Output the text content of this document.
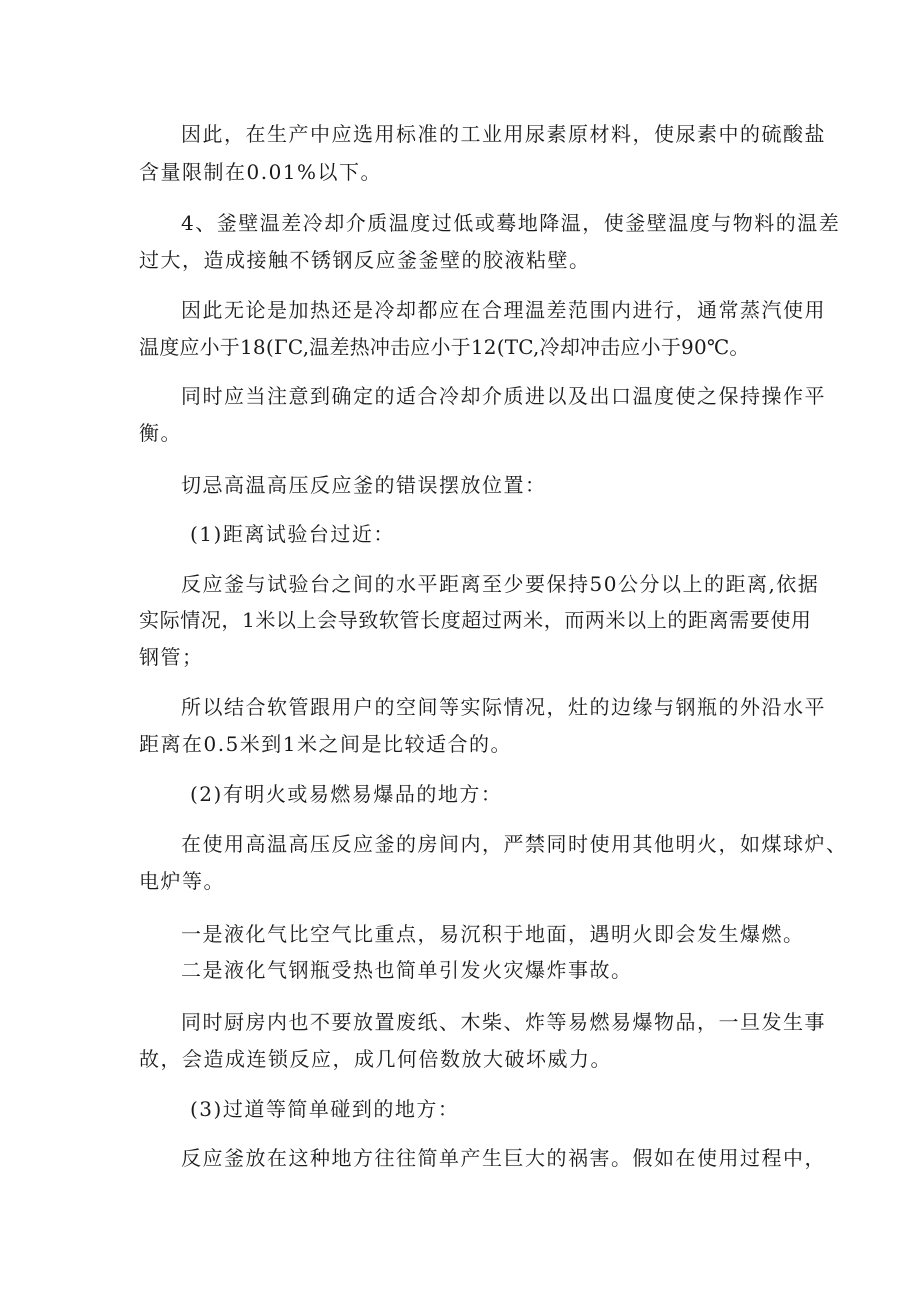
因此，在生产中应选用标准的工业用尿素原材料，使尿素中的硫酸盐
含量限制在0.01%以下。
4、釜壁温差冷却介质温度过低或蓦地降温，使釜壁温度与物料的温差
过大，造成接触不锈钢反应釜釜壁的胶液粘壁。
因此无论是加热还是冷却都应在合理温差范围内进行，通常蒸汽使用
温度应小于18(ΓC,温差热冲击应小于12(TC,冷却冲击应小于90℃。
同时应当注意到确定的适合冷却介质进以及出口温度使之保持操作平
衡。
切忌高温高压反应釜的错误摆放位置：
(1)距离试验台过近：
反应釜与试验台之间的水平距离至少要保持50公分以上的距离,依据
实际情况，1米以上会导致软管长度超过两米，而两米以上的距离需要使用
钢管；
所以结合软管跟用户的空间等实际情况，灶的边缘与钢瓶的外沿水平
距离在0.5米到1米之间是比较适合的。
(2)有明火或易燃易爆品的地方：
在使用高温高压反应釜的房间内，严禁同时使用其他明火，如煤球炉、
电炉等。
一是液化气比空气比重点，易沉积于地面，遇明火即会发生爆燃。
二是液化气钢瓶受热也简单引发火灾爆炸事故。
同时厨房内也不要放置废纸、木柴、炸等易燃易爆物品，一旦发生事
故，会造成连锁反应，成几何倍数放大破坏威力。
(3)过道等简单碰到的地方：
反应釜放在这种地方往往简单产生巨大的祸害。假如在使用过程中，
